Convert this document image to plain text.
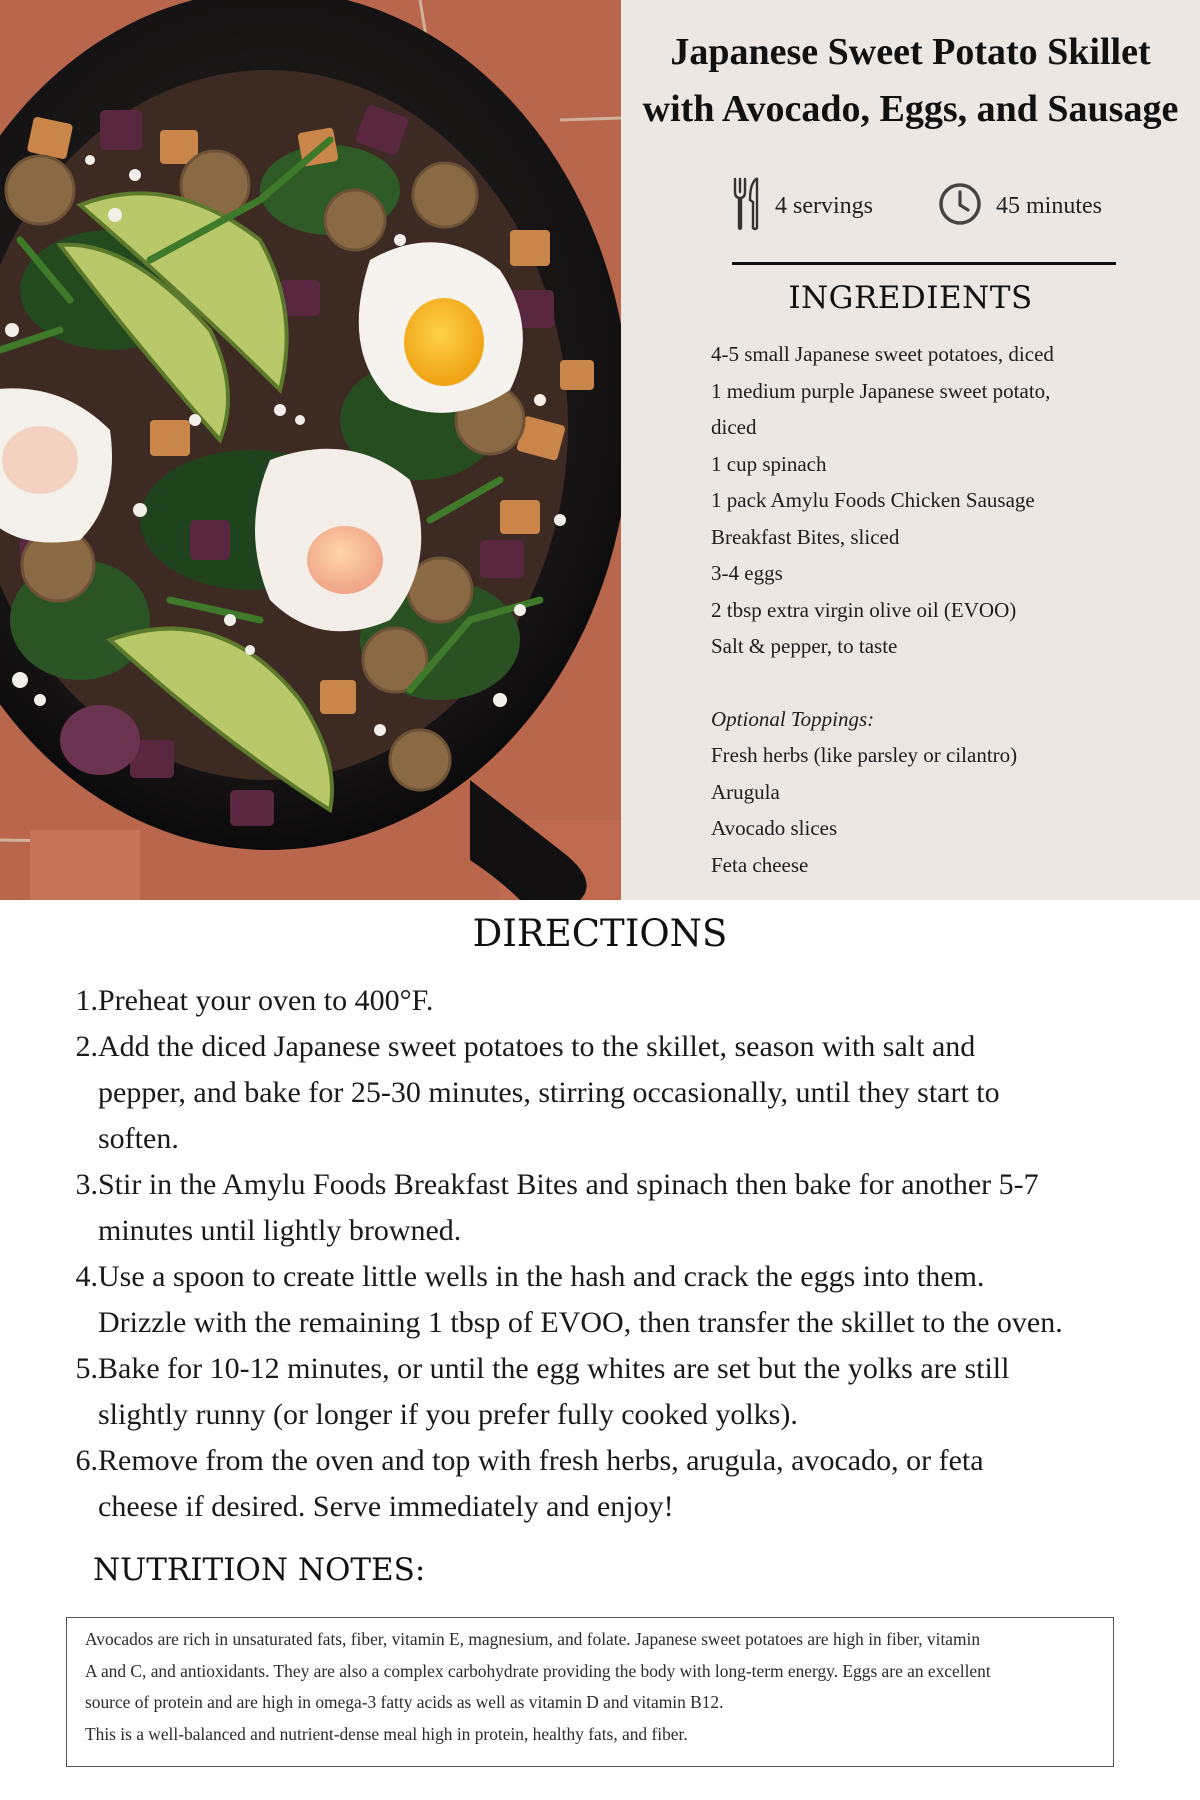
Japanese Sweet Potato Skillet
with Avocado, Eggs, and Sausage
4 servings	45 minutes
INGREDIENTS
4-5 small Japanese sweet potatoes, diced
1 medium purple Japanese sweet potato,
diced
1 cup spinach
1 pack Amylu Foods Chicken Sausage
Breakfast Bites, sliced
3-4 eggs
2 tbsp extra virgin olive oil (EVOO)
Salt & pepper, to taste
Optional Toppings:
Fresh herbs (like parsley or cilantro)
Arugula
Avocado slices
Feta cheese
DIRECTIONS
1. Preheat your oven to 400°F.
2. Add the diced Japanese sweet potatoes to the skillet, season with salt and
pepper, and bake for 25-30 minutes, stirring occasionally, until they start to
soften.
3. Stir in the Amylu Foods Breakfast Bites and spinach then bake for another 5-7
minutes until lightly browned.
4. Use a spoon to create little wells in the hash and crack the eggs into them.
Drizzle with the remaining 1 tbsp of EVOO, then transfer the skillet to the oven.
5. Bake for 10-12 minutes, or until the egg whites are set but the yolks are still
slightly runny (or longer if you prefer fully cooked yolks).
6. Remove from the oven and top with fresh herbs, arugula, avocado, or feta
cheese if desired. Serve immediately and enjoy!
NUTRITION NOTES:
Avocados are rich in unsaturated fats, fiber, vitamin E, magnesium, and folate. Japanese sweet potatoes are high in fiber, vitamin
A and C, and antioxidants. They are also a complex carbohydrate providing the body with long-term energy. Eggs are an excellent
source of protein and are high in omega-3 fatty acids as well as vitamin D and vitamin B12.
This is a well-balanced and nutrient-dense meal high in protein, healthy fats, and fiber.
